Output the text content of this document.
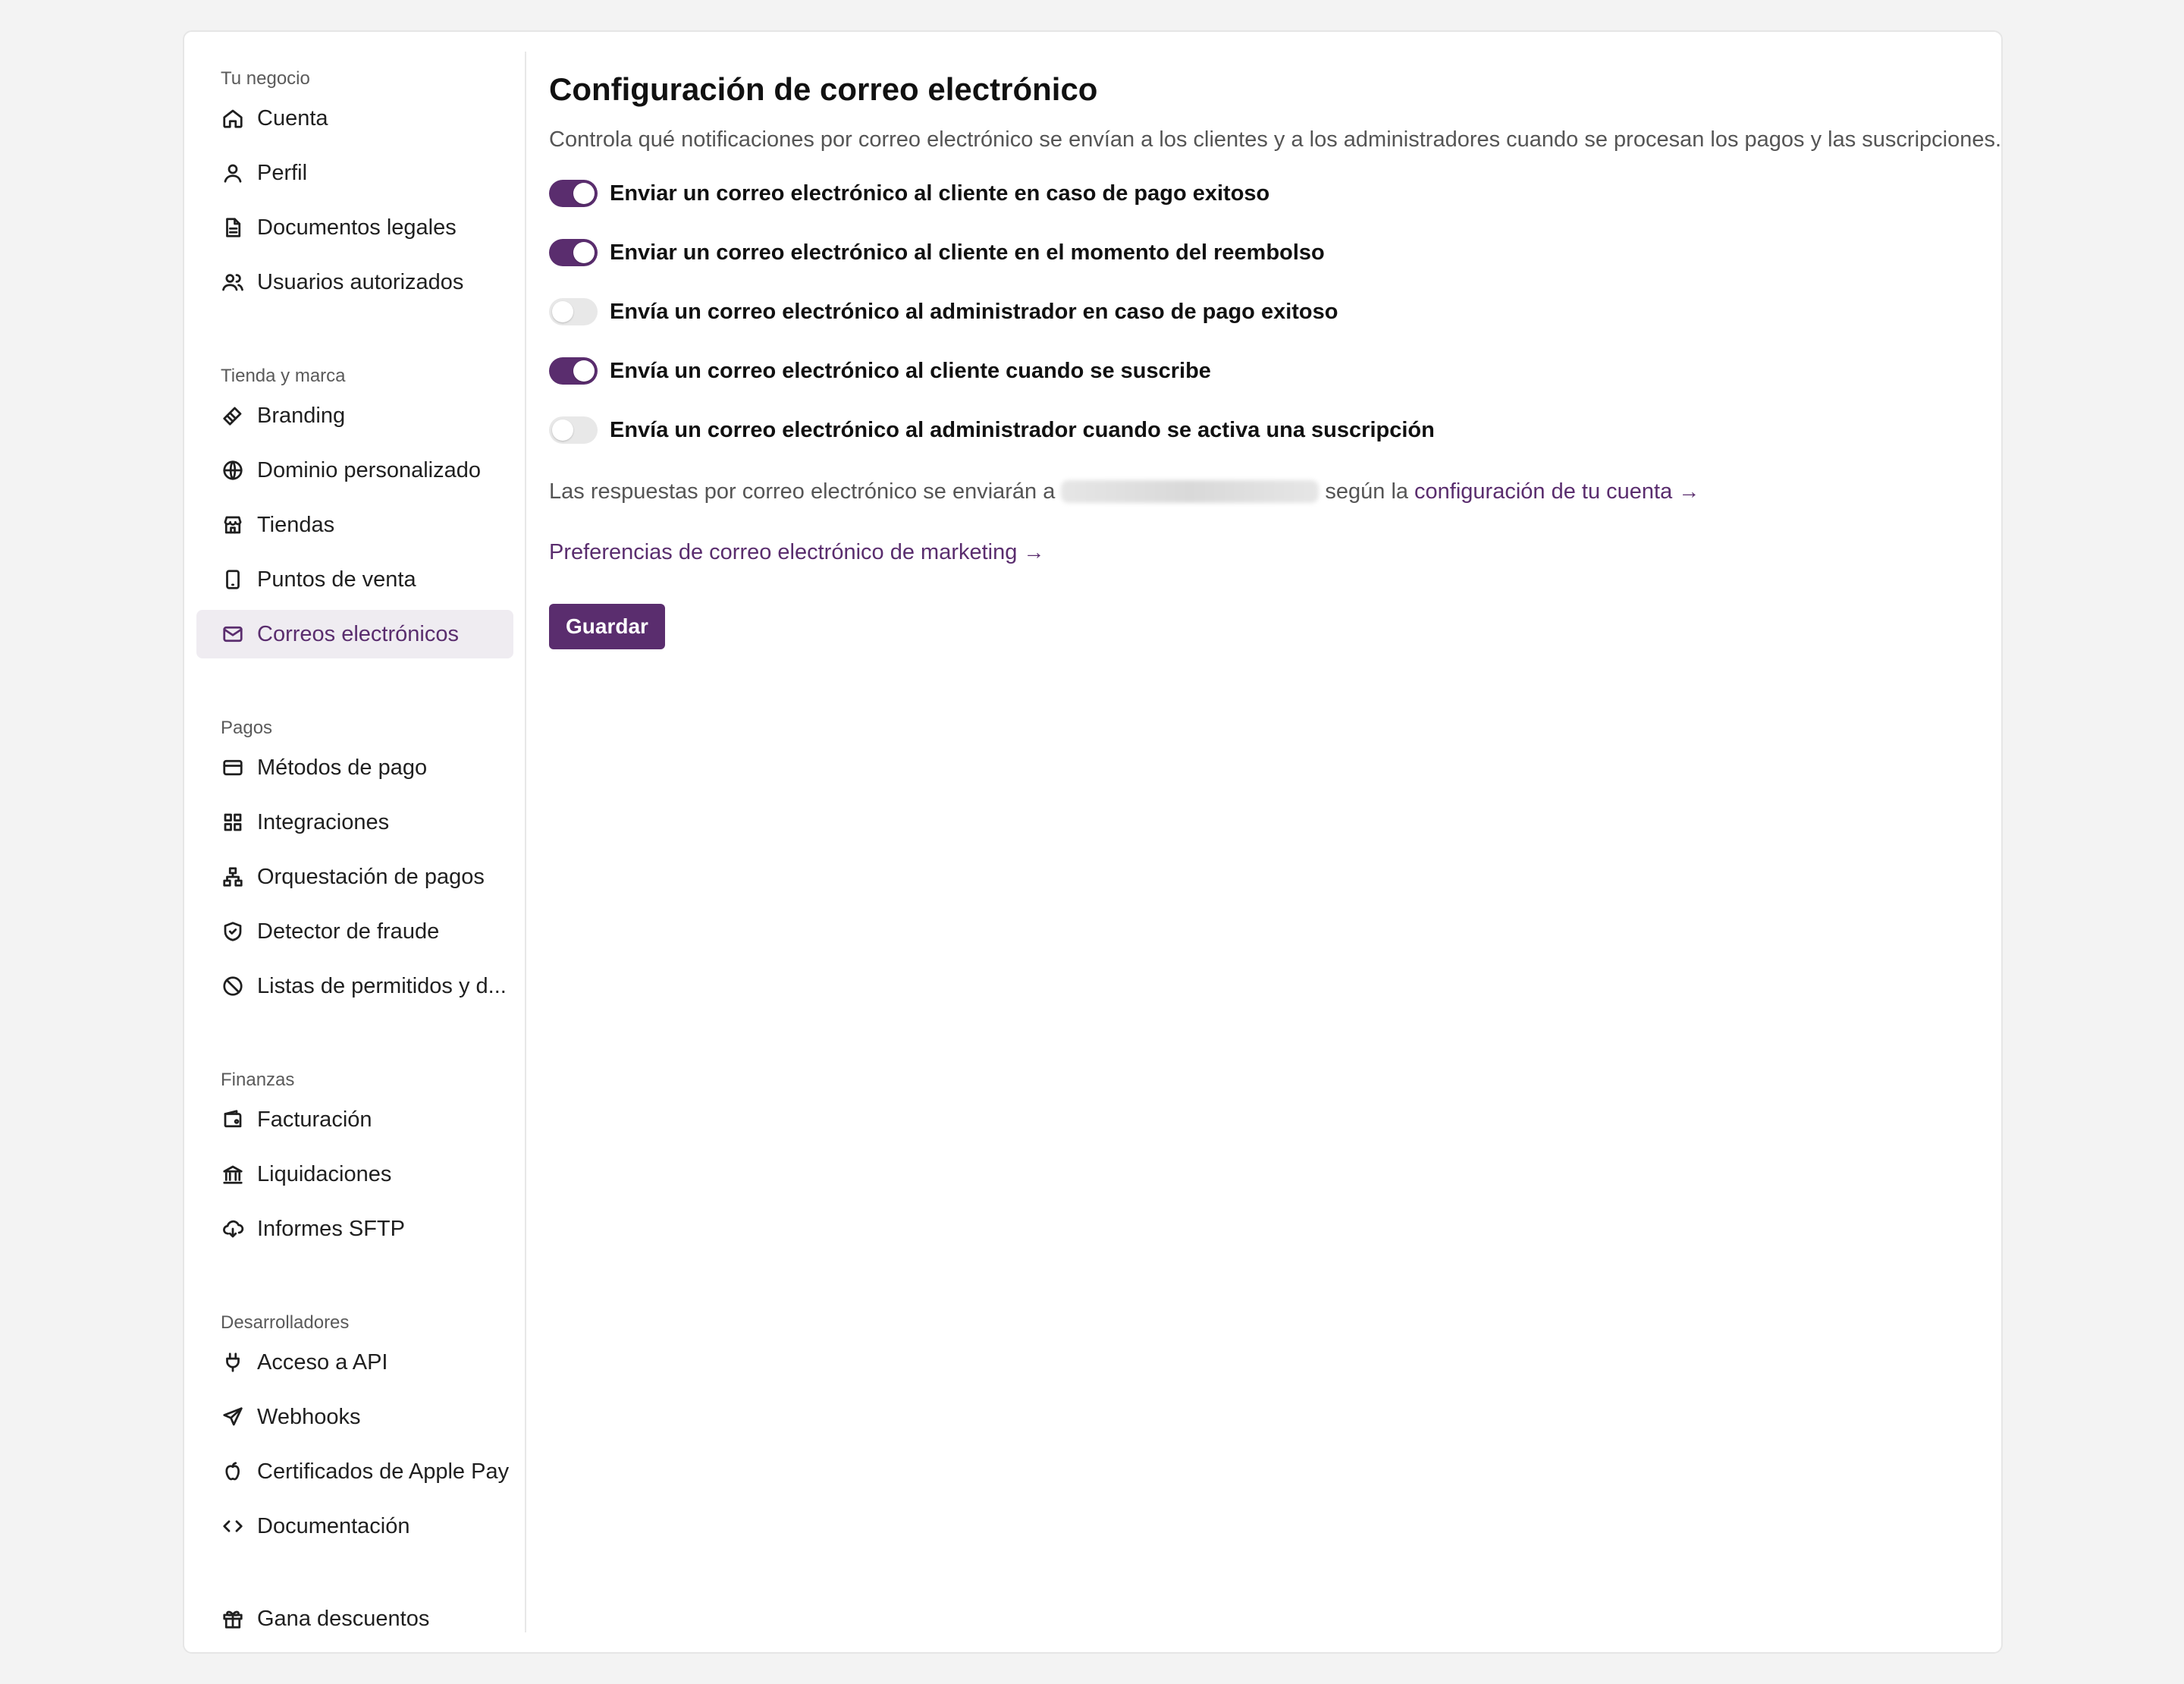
Tu negocio
Cuenta
Perfil
Documentos legales
Usuarios autorizados
Tienda y marca
Branding
Dominio personalizado
Tiendas
Puntos de venta
Correos electrónicos
Pagos
Métodos de pago
Integraciones
Orquestación de pagos
Detector de fraude
Listas de permitidos y d...
Finanzas
Facturación
Liquidaciones
Informes SFTP
Desarrolladores
Acceso a API
Webhooks
Certificados de Apple Pay
Documentación
Gana descuentos
Configuración de correo electrónico

Controla qué notificaciones por correo electrónico se envían a los clientes y a los administradores cuando se procesan los pagos y las suscripciones.

Enviar un correo electrónico al cliente en caso de pago exitoso
Enviar un correo electrónico al cliente en el momento del reembolso
Envía un correo electrónico al administrador en caso de pago exitoso
Envía un correo electrónico al cliente cuando se suscribe
Envía un correo electrónico al administrador cuando se activa una suscripción
Las respuestas por correo electrónico se enviarán a	según la configuración de tu cuenta →
Preferencias de correo electrónico de marketing →
Guardar
